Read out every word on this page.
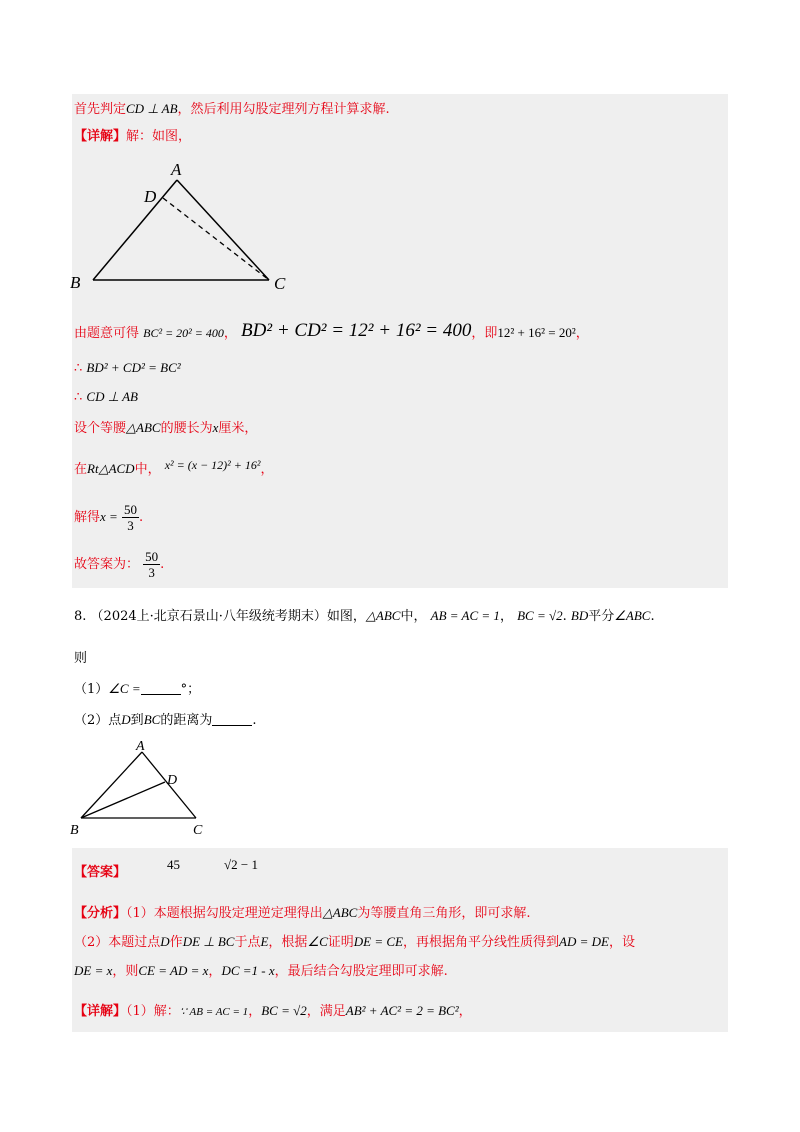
首先判定CD ⊥ AB，然后利用勾股定理列方程计算求解.
【详解】解：如图，
A
D
B	C
由题意可得 BC² = 20² = 400， BD² + CD² = 12² + 16² = 400，即12² + 16² = 20²，
∴ BD² + CD² = BC²
∴ CD ⊥ AB
设个等腰△ABC的腰长为x厘米，
在Rt△ACD中， x² = (x − 12)² + 16²，
解得$x = \frac{50}{3}$ .
故答案为： $\frac{50}{3}$ .
8. （2024上·北京石景山·八年级统考期末）如图，△ABC中， AB = AC = 1， BC = √2. BD平分∠ABC.
则
（1）∠C =	°；
（2）点D到BC的距离为	.
A
D
B	C
【答案】
45	√2 − 1
【分析】（1）本题根据勾股定理逆定理得出△ABC为等腰直角三角形，即可求解.
（2）本题过点D作DE ⊥ BC于点E，根据∠C证明DE = CE，再根据角平分线性质得到AD = DE，设
DE = x，则CE = AD = x，DC =1 - x，最后结合勾股定理即可求解.
【详解】（1）解：∵ AB = AC = 1，BC = √2，满足AB² + AC² = 2 = BC²，
